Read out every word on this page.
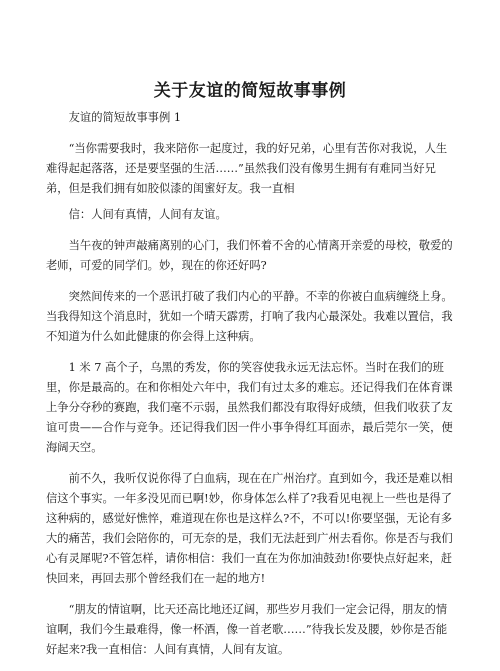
关于友谊的简短故事事例

友谊的简短故事事例 1

“当你需要我时，我来陪你一起度过，我的好兄弟，心里有苦你对我说，人生难得起起落落，还是要坚强的生活……”虽然我们没有像男生拥有有难同当好兄弟，但是我们拥有如胶似漆的闺蜜好友。我一直相

信：人间有真情，人间有友谊。

当午夜的钟声敲痛离别的心门，我们怀着不舍的心情离开亲爱的母校，敬爱的老师，可爱的同学们。妙，现在的你还好吗?

突然间传来的一个恶讯打破了我们内心的平静。不幸的你被白血病缠绕上身。当我得知这个消息时，犹如一个晴天霹雳，打响了我内心最深处。我难以置信，我不知道为什么如此健康的你会得上这种病。

1 米 7 高个子，乌黑的秀发，你的笑容使我永远无法忘怀。当时在我们的班里，你是最高的。在和你相处六年中，我们有过太多的难忘。还记得我们在体育课上争分夺秒的赛跑，我们毫不示弱，虽然我们都没有取得好成绩，但我们收获了友谊可贵——合作与竞争。还记得我们因一件小事争得红耳面赤，最后莞尔一笑，便海阔天空。

前不久，我听仅说你得了白血病，现在在广州治疗。直到如今，我还是难以相信这个事实。一年多没见而已啊!妙，你身体怎么样了?我看见电视上一些也是得了这种病的，感觉好憔悴，难道现在你也是这样么?不，不可以!你要坚强，无论有多大的痛苦，我们会陪你的，可无奈的是，我们无法赶到广州去看你。你是否与我们心有灵犀呢?不管怎样，请你相信：我们一直在为你加油鼓劲!你要快点好起来，赶快回来，再回去那个曾经我们在一起的地方!

“朋友的情谊啊，比天还高比地还辽阔，那些岁月我们一定会记得，朋友的情谊啊，我们今生最难得，像一杯酒，像一首老歌……”待我长发及腰，妙你是否能好起来?我一直相信：人间有真情，人间有友谊。
